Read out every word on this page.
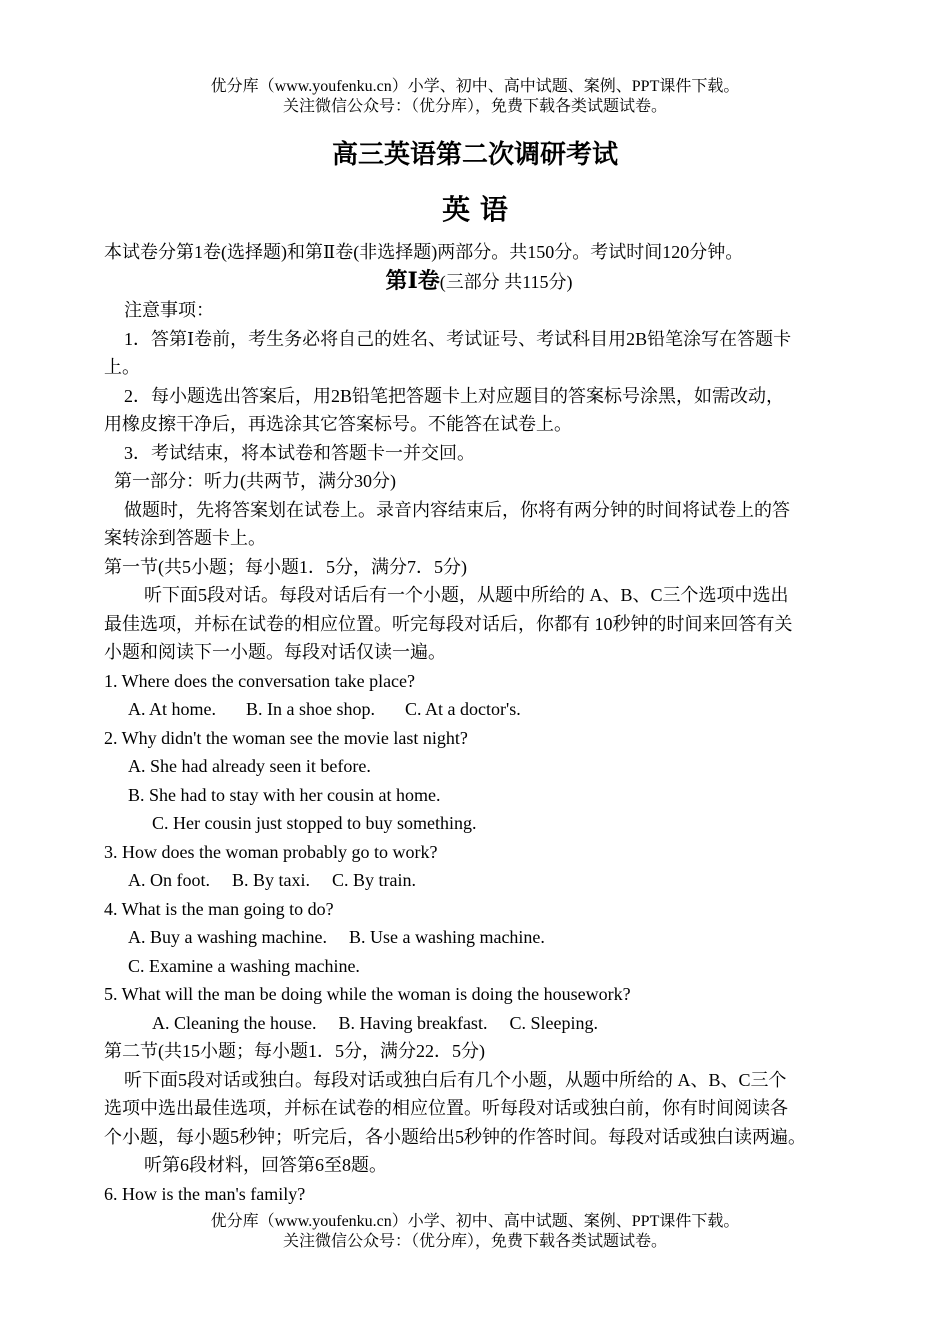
优分库（www.youfenku.cn）小学、初中、高中试题、案例、PPT课件下载。
关注微信公众号：（优分库），免费下载各类试题试卷。
高三英语第二次调研考试
英 语

本试卷分第1卷(选择题)和第Ⅱ卷(非选择题)两部分。共150分。考试时间120分钟。

第Ⅰ卷(三部分 共115分)

注意事项：

1．答第Ⅰ卷前，考生务必将自己的姓名、考试证号、考试科目用2B铅笔涂写在答题卡

上。

2．每小题选出答案后，用2B铅笔把答题卡上对应题目的答案标号涂黑，如需改动，

用橡皮擦干净后，再选涂其它答案标号。不能答在试卷上。

3．考试结束，将本试卷和答题卡一并交回。

第一部分：听力(共两节，满分30分)

做题时，先将答案划在试卷上。录音内容结束后，你将有两分钟的时间将试卷上的答

案转涂到答题卡上。

第一节(共5小题；每小题1．5分，满分7．5分)

听下面5段对话。每段对话后有一个小题，从题中所给的 A、B、C三个选项中选出

最佳选项，并标在试卷的相应位置。听完每段对话后，你都有 10秒钟的时间来回答有关

小题和阅读下一小题。每段对话仅读一遍。

1. Where does the conversation take place?

A. At home. B. In a shoe shop. C. At a doctor's.

2. Why didn't the woman see the movie last night?

A. She had already seen it before.

B. She had to stay with her cousin at home.

C. Her cousin just stopped to buy something.

3. How does the woman probably go to work?

A. On foot. B. By taxi. C. By train.

4. What is the man going to do?

A. Buy a washing machine. B. Use a washing machine.

C. Examine a washing machine.

5. What will the man be doing while the woman is doing the housework?

A. Cleaning the house. B. Having breakfast. C. Sleeping.

第二节(共15小题；每小题1．5分，满分22．5分)

听下面5段对话或独白。每段对话或独白后有几个小题，从题中所给的 A、B、C三个

选项中选出最佳选项，并标在试卷的相应位置。听每段对话或独白前，你有时间阅读各

个小题，每小题5秒钟；听完后，各小题给出5秒钟的作答时间。每段对话或独白读两遍。

听第6段材料，回答第6至8题。

6. How is the man's family?

优分库（www.youfenku.cn）小学、初中、高中试题、案例、PPT课件下载。
关注微信公众号：（优分库），免费下载各类试题试卷。
